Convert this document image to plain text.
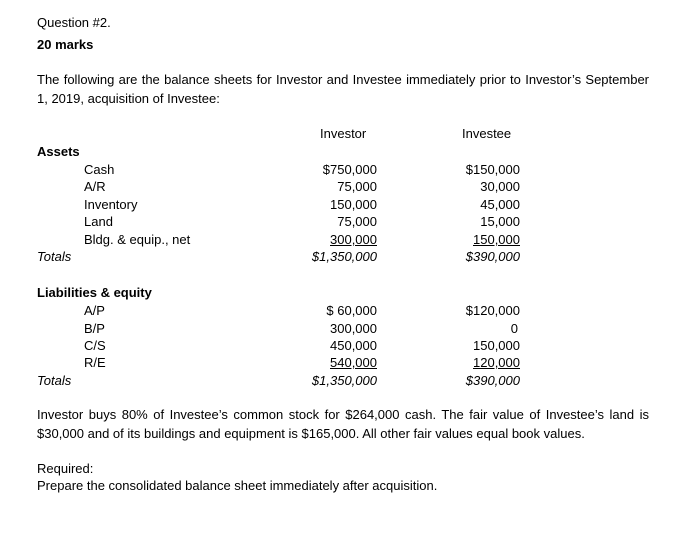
Question #2.
20 marks
The following are the balance sheets for Investor and Investee immediately prior to Investor’s September 1, 2019, acquisition of Investee:
Investor	Investee
Assets
Cash	$750,000	$150,000
A/R	75,000	30,000
Inventory	150,000	45,000
Land	75,000	15,000
Bldg. & equip., net	300,000	150,000
Totals	$1,350,000	$390,000
Liabilities & equity
A/P	$ 60,000	$120,000
B/P	300,000	0
C/S	450,000	150,000
R/E	540,000	120,000
Totals	$1,350,000	$390,000
Investor buys 80% of Investee’s common stock for $264,000 cash. The fair value of Investee’s land is $30,000 and of its buildings and equipment is $165,000. All other fair values equal book values.
Required:
Prepare the consolidated balance sheet immediately after acquisition.
